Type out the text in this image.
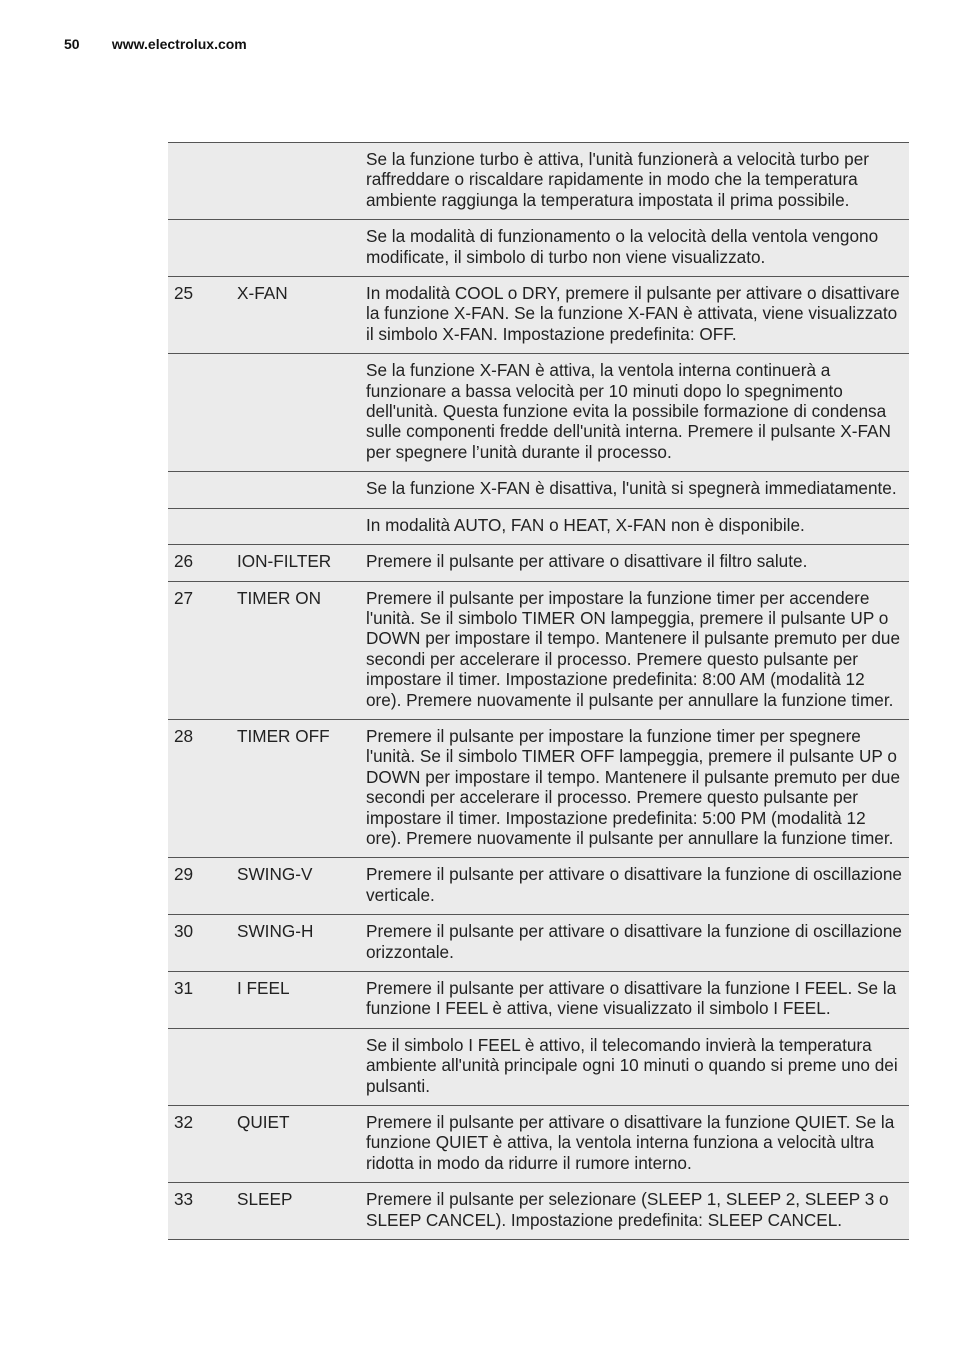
50 www.electrolux.com
		Se la funzione turbo è attiva, l'unità funzionerà a velocità turbo per raffreddare o riscaldare rapidamente in modo che la temperatura ambiente raggiunga la temperatura impostata il prima possibile.
		Se la modalità di funzionamento o la velocità della ventola vengono modificate, il simbolo di turbo non viene visualizzato.
25	X-FAN	In modalità COOL o DRY, premere il pulsante per attivare o disattivare la funzione X-FAN. Se la funzione X-FAN è attivata, viene visualizzato il simbolo X-FAN. Impostazione predefinita: OFF.
		Se la funzione X-FAN è attiva, la ventola interna continuerà a funzionare a bassa velocità per 10 minuti dopo lo spegnimento dell'unità. Questa funzione evita la possibile formazione di condensa sulle componenti fredde dell'unità interna. Premere il pulsante X-FAN per spegnere l’unità durante il processo.
		Se la funzione X-FAN è disattiva, l'unità si spegnerà immediatamente.
		In modalità AUTO, FAN o HEAT, X-FAN non è disponibile.
26	ION-FILTER	Premere il pulsante per attivare o disattivare il filtro salute.
27	TIMER ON	Premere il pulsante per impostare la funzione timer per accendere l'unità. Se il simbolo TIMER ON lampeggia, premere il pulsante UP o DOWN per impostare il tempo. Mantenere il pulsante premuto per due secondi per accelerare il processo. Premere questo pulsante per impostare il timer. Impostazione predefinita: 8:00 AM (modalità 12 ore). Premere nuovamente il pulsante per annullare la funzione timer.
28	TIMER OFF	Premere il pulsante per impostare la funzione timer per spegnere l'unità. Se il simbolo TIMER OFF lampeggia, premere il pulsante UP o DOWN per impostare il tempo. Mantenere il pulsante premuto per due secondi per accelerare il processo. Premere questo pulsante per impostare il timer. Impostazione predefinita: 5:00 PM (modalità 12 ore). Premere nuovamente il pulsante per annullare la funzione timer.
29	SWING-V	Premere il pulsante per attivare o disattivare la funzione di oscillazione verticale.
30	SWING-H	Premere il pulsante per attivare o disattivare la funzione di oscillazione orizzontale.
31	I FEEL	Premere il pulsante per attivare o disattivare la funzione I FEEL. Se la funzione I FEEL è attiva, viene visualizzato il simbolo I FEEL.
		Se il simbolo I FEEL è attivo, il telecomando invierà la temperatura ambiente all'unità principale ogni 10 minuti o quando si preme uno dei pulsanti.
32	QUIET	Premere il pulsante per attivare o disattivare la funzione QUIET. Se la funzione QUIET è attiva, la ventola interna funziona a velocità ultra ridotta in modo da ridurre il rumore interno.
33	SLEEP	Premere il pulsante per selezionare (SLEEP 1, SLEEP 2, SLEEP 3 o SLEEP CANCEL). Impostazione predefinita: SLEEP CANCEL.
